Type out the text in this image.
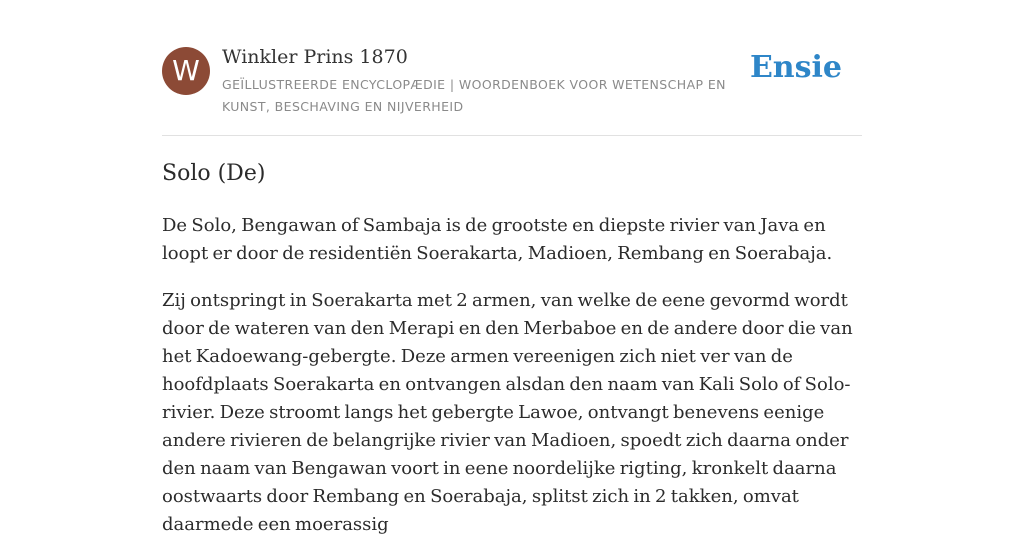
W	Winkler Prins 1870
GEÏLLUSTREERDE ENCYCLOPÆDIE | WOORDENBOEK VOOR WETENSCHAP EN KUNST, BESCHAVING EN NIJVERHEID
Ensie
Solo (De)

De Solo, Bengawan of Sambaja is de grootste en diepste rivier van Java en loopt er door de residentiën Soerakarta, Madioen, Rembang en Soerabaja.

Zij ontspringt in Soerakarta met 2 armen, van welke de eene gevormd wordt door de wateren van den Merapi en den Merbaboe en de andere door die van het Kadoewang-gebergte. Deze armen vereenigen zich niet ver van de hoofdplaats Soerakarta en ontvangen alsdan den naam van Kali Solo of Solo-rivier. Deze stroomt langs het gebergte Lawoe, ontvangt benevens eenige andere rivieren de belangrijke rivier van Madioen, spoedt zich daarna onder den naam van Bengawan voort in eene noordelijke rigting, kronkelt daarna oostwaarts door Rembang en Soerabaja, splitst zich in 2 takken, omvat daarmede een moerassig
